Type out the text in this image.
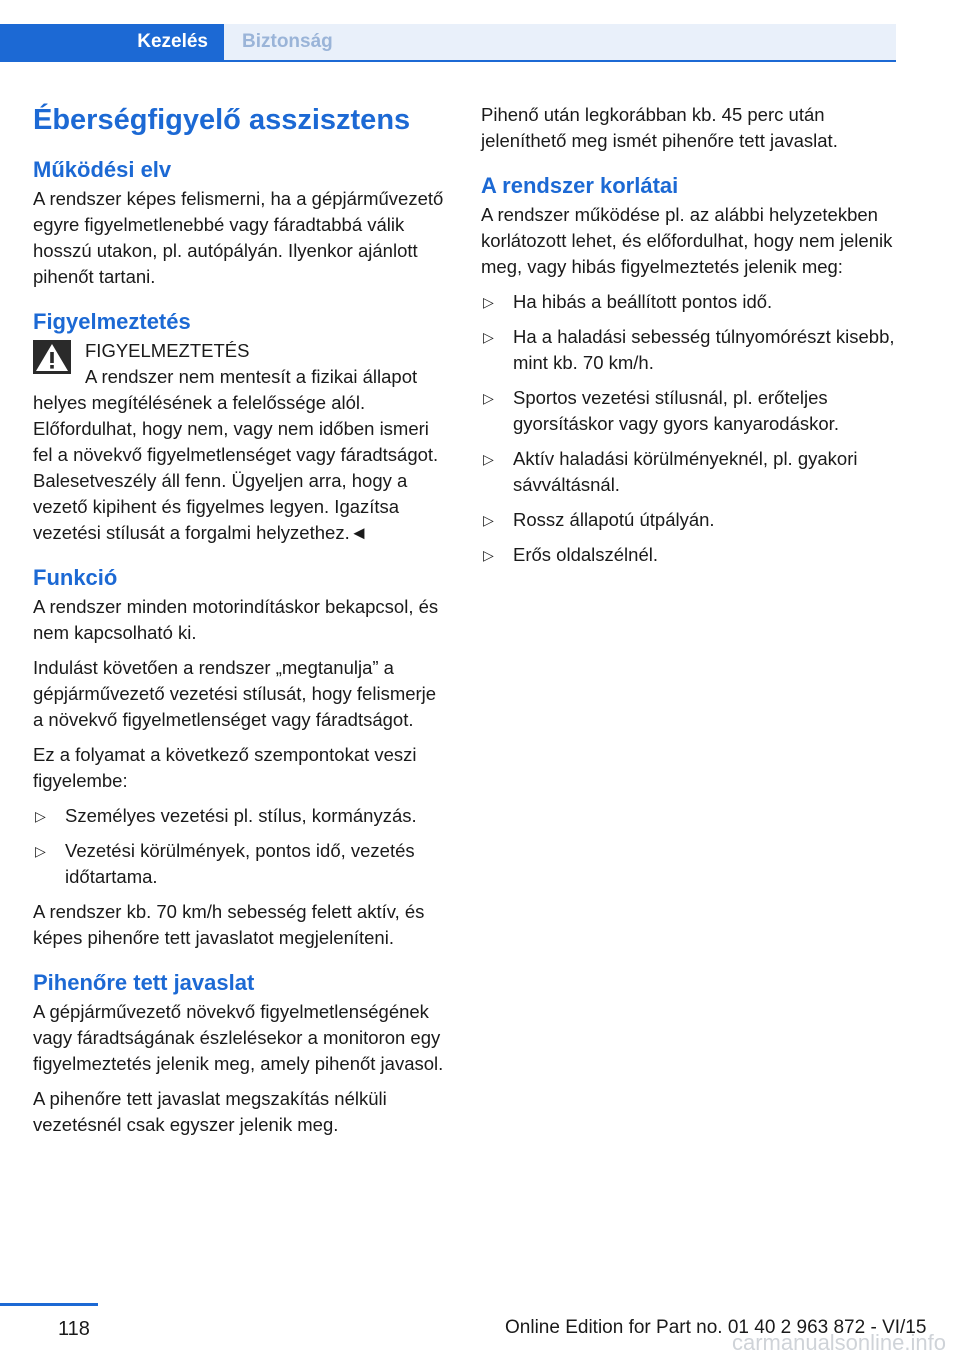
Kezelés	Biztonság
Éberségfigyelő asszisztens
Működési elv

A rendszer képes felismerni, ha a gépjárművezető egyre figyelmetlenebbé vagy fáradtabbá válik hosszú utakon, pl. autópályán. Ilyenkor ajánlott pihenőt tartani.

Figyelmeztetés

FIGYELMEZTETÉS

A rendszer nem mentesít a fizikai állapot

helyes megítélésének a felelőssége alól. Előfordulhat, hogy nem, vagy nem időben ismeri fel a növekvő figyelmetlenséget vagy fáradtságot. Balesetveszély áll fenn. Ügyeljen arra, hogy a vezető kipihent és figyelmes legyen. Igazítsa vezetési stílusát a forgalmi helyzethez.◄

Funkció

A rendszer minden motorindításkor bekapcsol, és nem kapcsolható ki.

Indulást követően a rendszer „megtanulja” a gépjárművezető vezetési stílusát, hogy felismerje a növekvő figyelmetlenséget vagy fáradtságot.

Ez a folyamat a következő szempontokat veszi figyelembe:

▷ Személyes vezetési pl. stílus, kormányzás.
▷ Vezetési körülmények, pontos idő, vezetés időtartama.

A rendszer kb. 70 km/h sebesség felett aktív, és képes pihenőre tett javaslatot megjeleníteni.

Pihenőre tett javaslat

A gépjárművezető növekvő figyelmetlenségének vagy fáradtságának észlelésekor a monitoron egy figyelmeztetés jelenik meg, amely pihenőt javasol.

A pihenőre tett javaslat megszakítás nélküli vezetésnél csak egyszer jelenik meg.

Pihenő után legkorábban kb. 45 perc után jeleníthető meg ismét pihenőre tett javaslat.

A rendszer korlátai

A rendszer működése pl. az alábbi helyzetekben korlátozott lehet, és előfordulhat, hogy nem jelenik meg, vagy hibás figyelmeztetés jelenik meg:

▷ Ha hibás a beállított pontos idő.
▷ Ha a haladási sebesség túlnyomórészt kisebb, mint kb. 70 km/h.
▷ Sportos vezetési stílusnál, pl. erőteljes gyorsításkor vagy gyors kanyarodáskor.
▷ Aktív haladási körülményeknél, pl. gyakori sávváltásnál.
▷ Rossz állapotú útpályán.
▷ Erős oldalszélnél.
118	Online Edition for Part no. 01 40 2 963 872 - VI/15
carmanualsonline.info
